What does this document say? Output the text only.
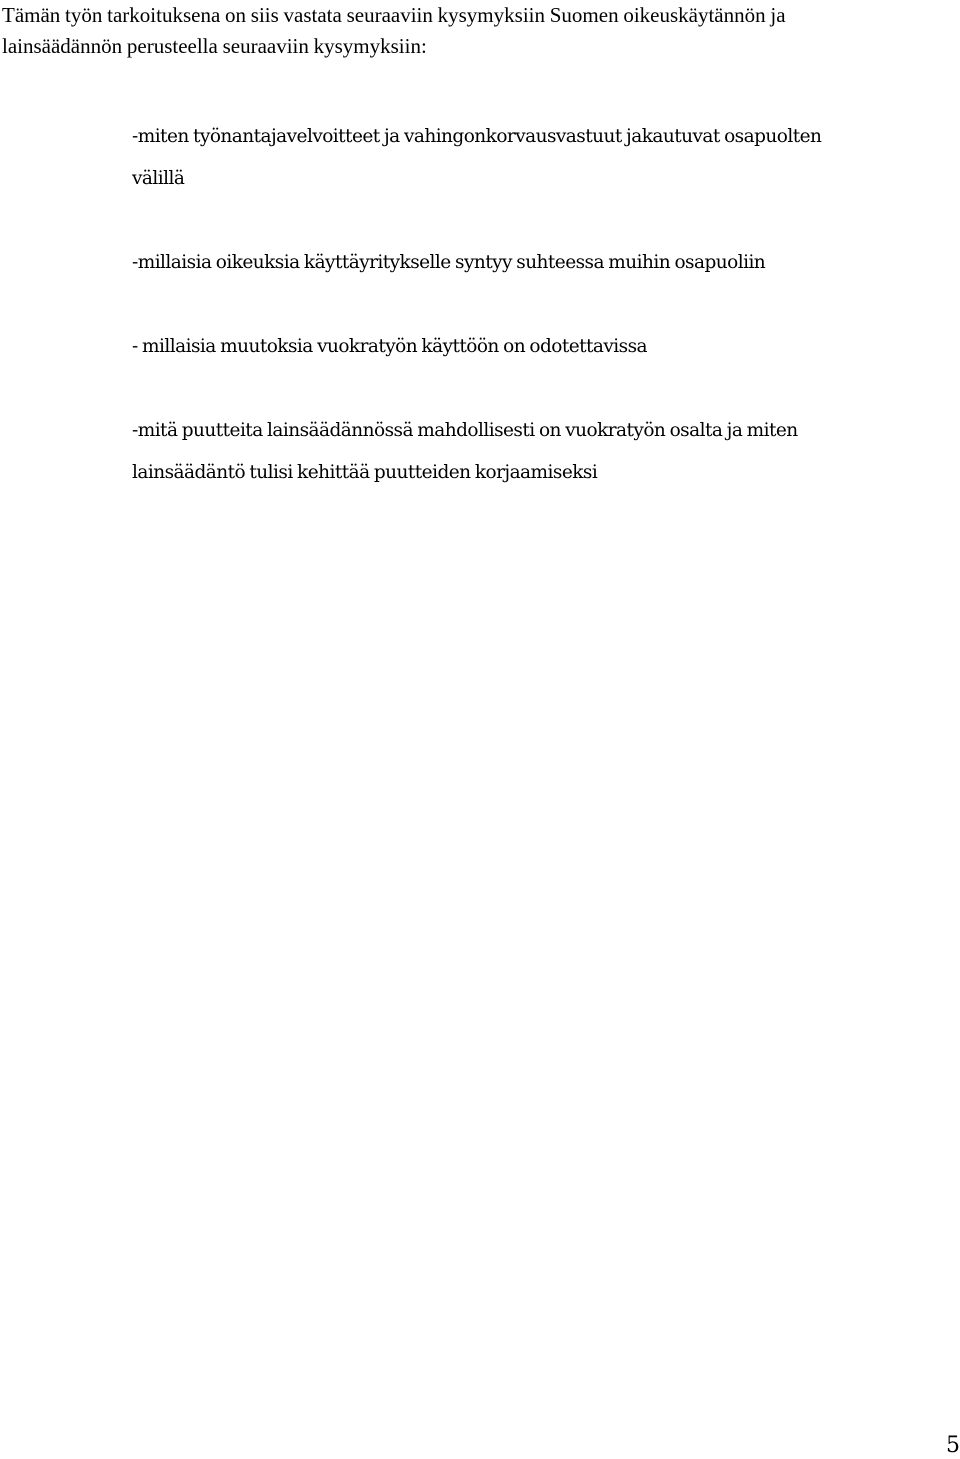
Tämän työn tarkoituksena on siis vastata seuraaviin kysymyksiin Suomen oikeuskäytännön ja
lainsäädännön perusteella seuraaviin kysymyksiin:

-miten työnantajavelvoitteet ja vahingonkorvausvastuut jakautuvat osapuolten
välillä

-millaisia oikeuksia käyttäyritykselle syntyy suhteessa muihin osapuoliin

- millaisia muutoksia vuokratyön käyttöön on odotettavissa

-mitä puutteita lainsäädännössä mahdollisesti on vuokratyön osalta ja miten
lainsäädäntö tulisi kehittää puutteiden korjaamiseksi

5
